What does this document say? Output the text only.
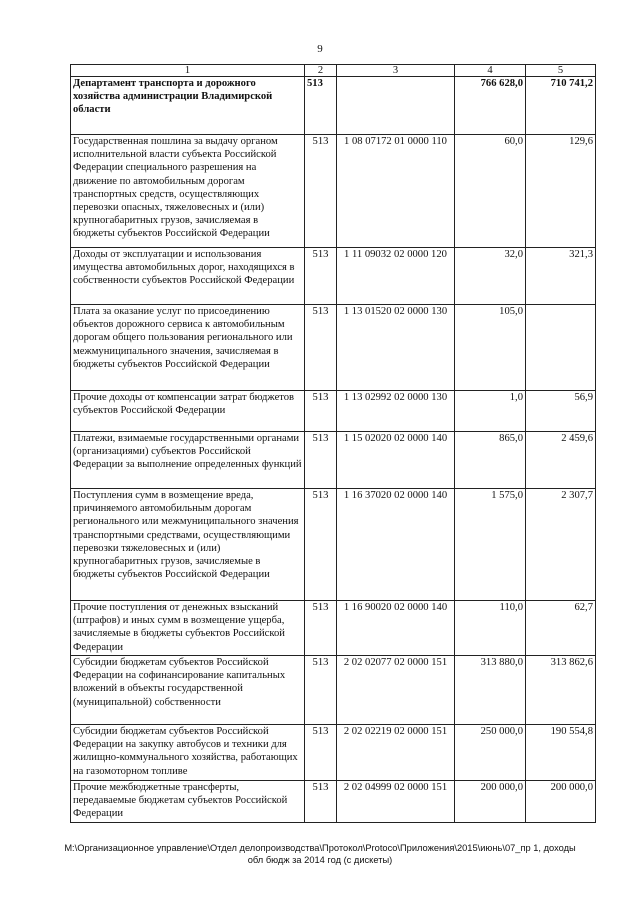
9
1	2	3	4	5
Департамент транспорта и дорожного хозяйства администрации Владимирской области	513		766 628,0	710 741,2
Государственная пошлина за выдачу органом исполнительной власти субъекта Российской Федерации специального разрешения на движение по автомобильным дорогам транспортных средств, осуществляющих перевозки опасных, тяжеловесных и (или) крупногабаритных грузов, зачисляемая в бюджеты субъектов Российской Федерации	513	1 08 07172 01 0000 110	60,0	129,6
Доходы от эксплуатации и использования имущества автомобильных дорог, находящихся в собственности субъектов Российской Федерации	513	1 11 09032 02 0000 120	32,0	321,3
Плата за оказание услуг по присоединению объектов дорожного сервиса к автомобильным дорогам общего пользования регионального или межмуниципального значения, зачисляемая в бюджеты субъектов Российской Федерации	513	1 13 01520 02 0000 130	105,0	
Прочие доходы от компенсации затрат бюджетов субъектов Российской Федерации	513	1 13 02992 02 0000 130	1,0	56,9
Платежи, взимаемые государственными органами (организациями) субъектов Российской Федерации за выполнение определенных функций	513	1 15 02020 02 0000 140	865,0	2 459,6
Поступления сумм в возмещение вреда, причиняемого автомобильным дорогам регионального или межмуниципального значения транспортными средствами, осуществляющими перевозки тяжеловесных и (или) крупногабаритных грузов, зачисляемые в бюджеты субъектов Российской Федерации	513	1 16 37020 02 0000 140	1 575,0	2 307,7
Прочие поступления от денежных взысканий (штрафов) и иных сумм в возмещение ущерба, зачисляемые в бюджеты субъектов Российской Федерации	513	1 16 90020 02 0000 140	110,0	62,7
Субсидии бюджетам субъектов Российской Федерации на софинансирование капитальных вложений в объекты государственной (муниципальной) собственности	513	2 02 02077 02 0000 151	313 880,0	313 862,6
Субсидии бюджетам субъектов Российской Федерации на закупку автобусов и техники для жилищно-коммунального хозяйства, работающих на газомоторном топливе	513	2 02 02219 02 0000 151	250 000,0	190 554,8
Прочие межбюджетные трансферты, передаваемые бюджетам субъектов Российской Федерации	513	2 02 04999 02 0000 151	200 000,0	200 000,0
M:\Организационное управление\Отдел делопроизводства\Протокол\Protoco\Приложения\2015\июнь\07_пр 1, доходы
обл бюдж за 2014 год (с дискеты)
